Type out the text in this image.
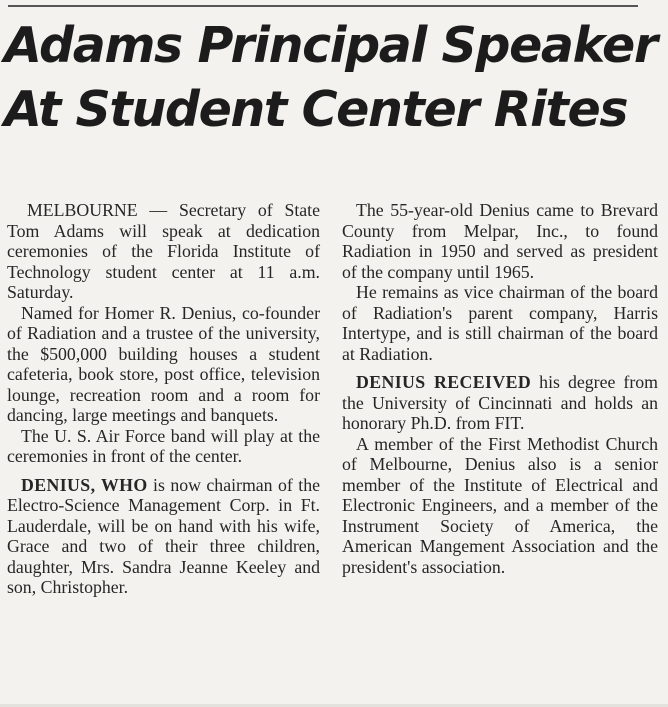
Adams Principal Speaker
At Student Center Rites

MELBOURNE — Secretary of State Tom Adams will speak at dedication ceremonies of the Florida Institute of Technology student center at 11 a.m. Saturday.

Named for Homer R. Denius, co-founder of Radiation and a trustee of the university, the $500,000 building houses a student cafeteria, book store, post office, television lounge, recreation room and a room for dancing, large meetings and banquets.

The U. S. Air Force band will play at the ceremonies in front of the center.

DENIUS, WHO is now chairman of the Electro-Science Management Corp. in Ft. Lauderdale, will be on hand with his wife, Grace and two of their three children, daughter, Mrs. Sandra Jeanne Keeley and son, Christopher.

The 55-year-old Denius came to Brevard County from Melpar, Inc., to found Radiation in 1950 and served as president of the company until 1965.

He remains as vice chairman of the board of Radiation's parent company, Harris Intertype, and is still chairman of the board at Radiation.

DENIUS RECEIVED his degree from the University of Cincinnati and holds an honorary Ph.D. from FIT.

A member of the First Methodist Church of Melbourne, Denius also is a senior member of the Institute of Electrical and Electronic Engineers, and a member of the Instrument Society of America, the American Mangement Association and the president's association.
